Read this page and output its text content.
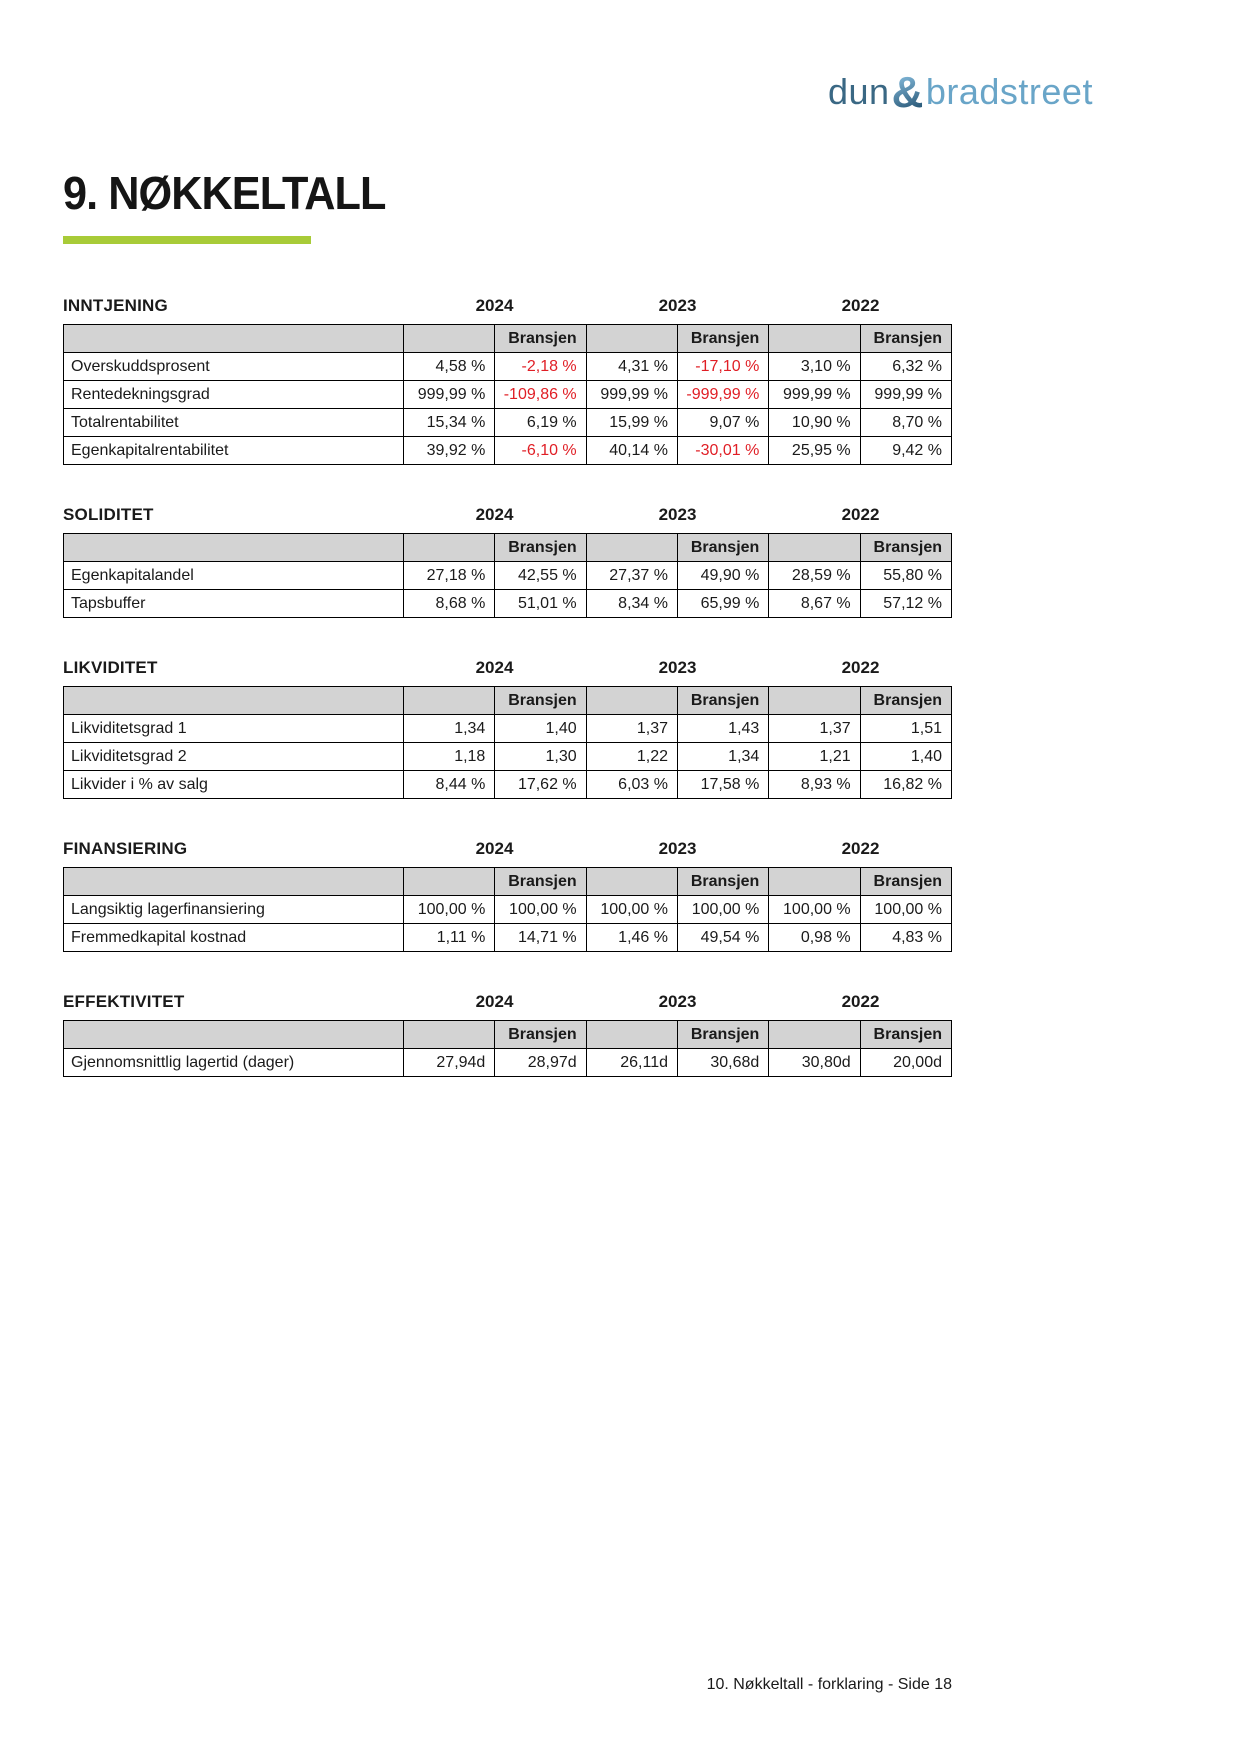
dun&bradstreet
9. NØKKELTALL
INNTJENING	2024	2023	2022
		Bransjen		Bransjen		Bransjen
Overskuddsprosent	4,58 %	-2,18 %	4,31 %	-17,10 %	3,10 %	6,32 %
Rentedekningsgrad	999,99 %	-109,86 %	999,99 %	-999,99 %	999,99 %	999,99 %
Totalrentabilitet	15,34 %	6,19 %	15,99 %	9,07 %	10,90 %	8,70 %
Egenkapitalrentabilitet	39,92 %	-6,10 %	40,14 %	-30,01 %	25,95 %	9,42 %
SOLIDITET	2024	2023	2022
		Bransjen		Bransjen		Bransjen
Egenkapitalandel	27,18 %	42,55 %	27,37 %	49,90 %	28,59 %	55,80 %
Tapsbuffer	8,68 %	51,01 %	8,34 %	65,99 %	8,67 %	57,12 %
LIKVIDITET	2024	2023	2022
		Bransjen		Bransjen		Bransjen
Likviditetsgrad 1	1,34	1,40	1,37	1,43	1,37	1,51
Likviditetsgrad 2	1,18	1,30	1,22	1,34	1,21	1,40
Likvider i % av salg	8,44 %	17,62 %	6,03 %	17,58 %	8,93 %	16,82 %
FINANSIERING	2024	2023	2022
		Bransjen		Bransjen		Bransjen
Langsiktig lagerfinansiering	100,00 %	100,00 %	100,00 %	100,00 %	100,00 %	100,00 %
Fremmedkapital kostnad	1,11 %	14,71 %	1,46 %	49,54 %	0,98 %	4,83 %
EFFEKTIVITET	2024	2023	2022
		Bransjen		Bransjen		Bransjen
Gjennomsnittlig lagertid (dager)	27,94d	28,97d	26,11d	30,68d	30,80d	20,00d
10. Nøkkeltall - forklaring - Side 18
